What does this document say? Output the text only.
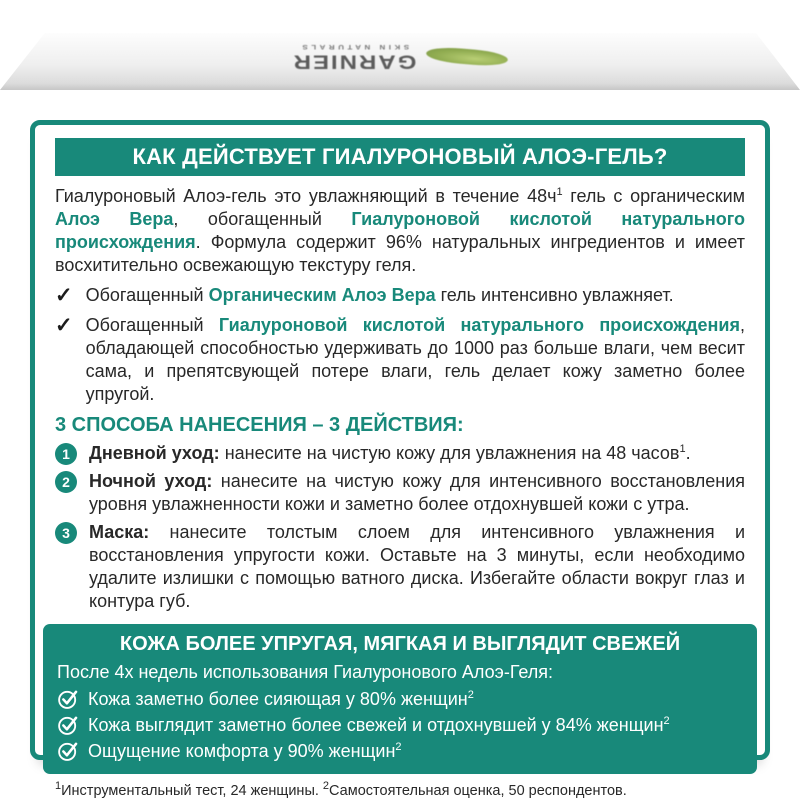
GARNIER
SKIN NATURALS
КАК ДЕЙСТВУЕТ ГИАЛУРОНОВЫЙ АЛОЭ-ГЕЛЬ?

Гиалуроновый Алоэ-гель это увлажняющий в течение $48ч^1$ гель с органическим Алоэ Вера, обогащенный Гиалуроновой кислотой натурального происхождения. Формула содержит 96% натуральных ингредиентов и имеет восхитительно освежающую текстуру геля.

✓ Обогащенный Органическим Алоэ Вера гель интенсивно увлажняет.
✓ Обогащенный Гиалуроновой кислотой натурального происхождения, обладающей способностью удерживать до 1000 раз больше влаги, чем весит сама, и препятсвующей потере влаги, гель делает кожу заметно более упругой.
3 СПОСОБА НАНЕСЕНИЯ – 3 ДЕЙСТВИЯ:
1	Дневной уход: нанесите на чистую кожу для увлажнения на 48 часов$^1$.
2	Ночной уход: нанесите на чистую кожу для интенсивного восстановления уровня увлажненности кожи и заметно более отдохнувшей кожи с утра.
3	Маска: нанесите толстым слоем для интенсивного увлажнения и восстановления упругости кожи. Оставьте на 3 минуты, если необходимо удалите излишки с помощью ватного диска. Избегайте области вокруг глаз и контура губ.
КОЖА БОЛЕЕ УПРУГАЯ, МЯГКАЯ И ВЫГЛЯДИТ СВЕЖЕЙ
После 4х недель использования Гиалуронового Алоэ-Геля:
Кожа заметно более сияющая у 80% женщин$^2$
Кожа выглядит заметно более свежей и отдохнувшей у 84% женщин$^2$
Ощущение комфорта у 90% женщин$^2$
$^1$Инструментальный тест, 24 женщины. $^2$Самостоятельная оценка, 50 респондентов.
